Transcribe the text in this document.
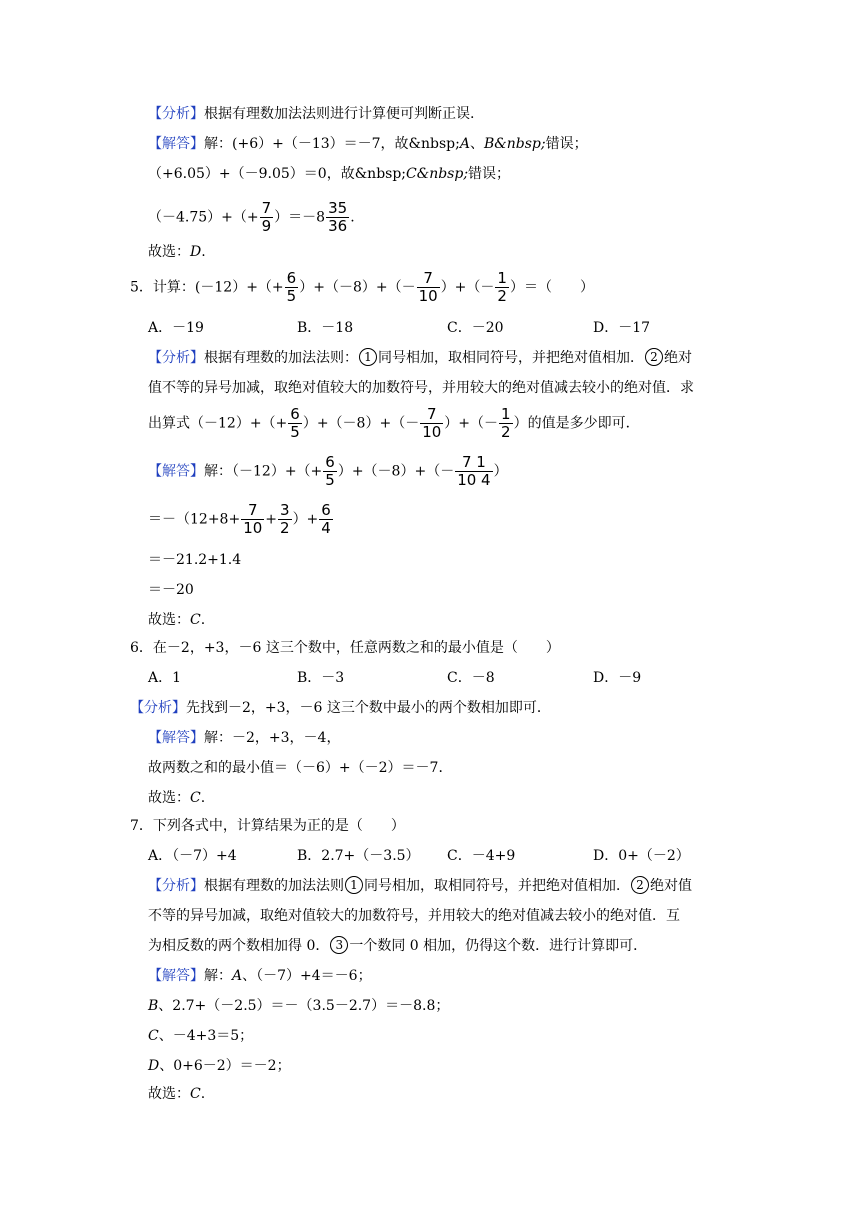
【分析】根据有理数加法法则进行计算便可判断正误.
【解答】解：(+6）+（－13）＝－7，故&nbsp;A、B&nbsp;错误；
（+6.05）+（－9.05）＝0，故&nbsp;C&nbsp;错误；
$(-4.75)+(+ \frac{7}{9} )=-8 \frac{35}{36}$ .
故选：D.
5．计算：$(-12)+(+ \frac{6}{5} )+(-8)+(- \frac{7}{10}$ ）+（－ $\frac{1}{2}$ ）＝（　　）
A．－19	B．－18	C．－20	D．－17
【分析】根据有理数的加法法则： 1 同号相加，取相同符号，并把绝对值相加． 2 绝对
值不等的异号加减，取绝对值较大的加数符号，并用较大的绝对值减去较小的绝对值．求
出算式$(-12)+(+ \frac{6}{5} )+(-8)+(- \frac{7}{10}$ ）+（－ $\frac{1}{2}$ ）的值是多少即可．
【解答】解：$(-12)+(+ \frac{6}{5} )+(-8)+(- \frac{7 1}{10 4}$ ）
$=-(12+8+ \frac{7}{10} + \frac{3}{2}$ ）+ $\frac{6}{4}$
＝－21.2+1.4
＝－20
故选：C.
6．在－2，+3，－6 这三个数中，任意两数之和的最小值是（　　）
A．1	B．－3	C．－8	D．－9
【分析】先找到－2，+3，－6 这三个数中最小的两个数相加即可．
【解答】解：－2，+3，－4，
故两数之和的最小值＝（－6）+（－2）＝－7．
故选：C.
7．下列各式中，计算结果为正的是（　　）
A．（－7）+4	B．2.7+（－3.5） C．－4+9	D．0+（－2）
【分析】根据有理数的加法法则 1 同号相加，取相同符号，并把绝对值相加． 2 绝对值
不等的异号加减，取绝对值较大的加数符号，并用较大的绝对值减去较小的绝对值．互
为相反数的两个数相加得 0． 3 一个数同 0 相加，仍得这个数．进行计算即可．
【解答】解：A、（－7）+4＝－6；
B、2.7+（－2.5）＝－（3.5－2.7）＝－8.8；
C、－4+3＝5；
D、0+6－2）＝－2；
故选：C.
